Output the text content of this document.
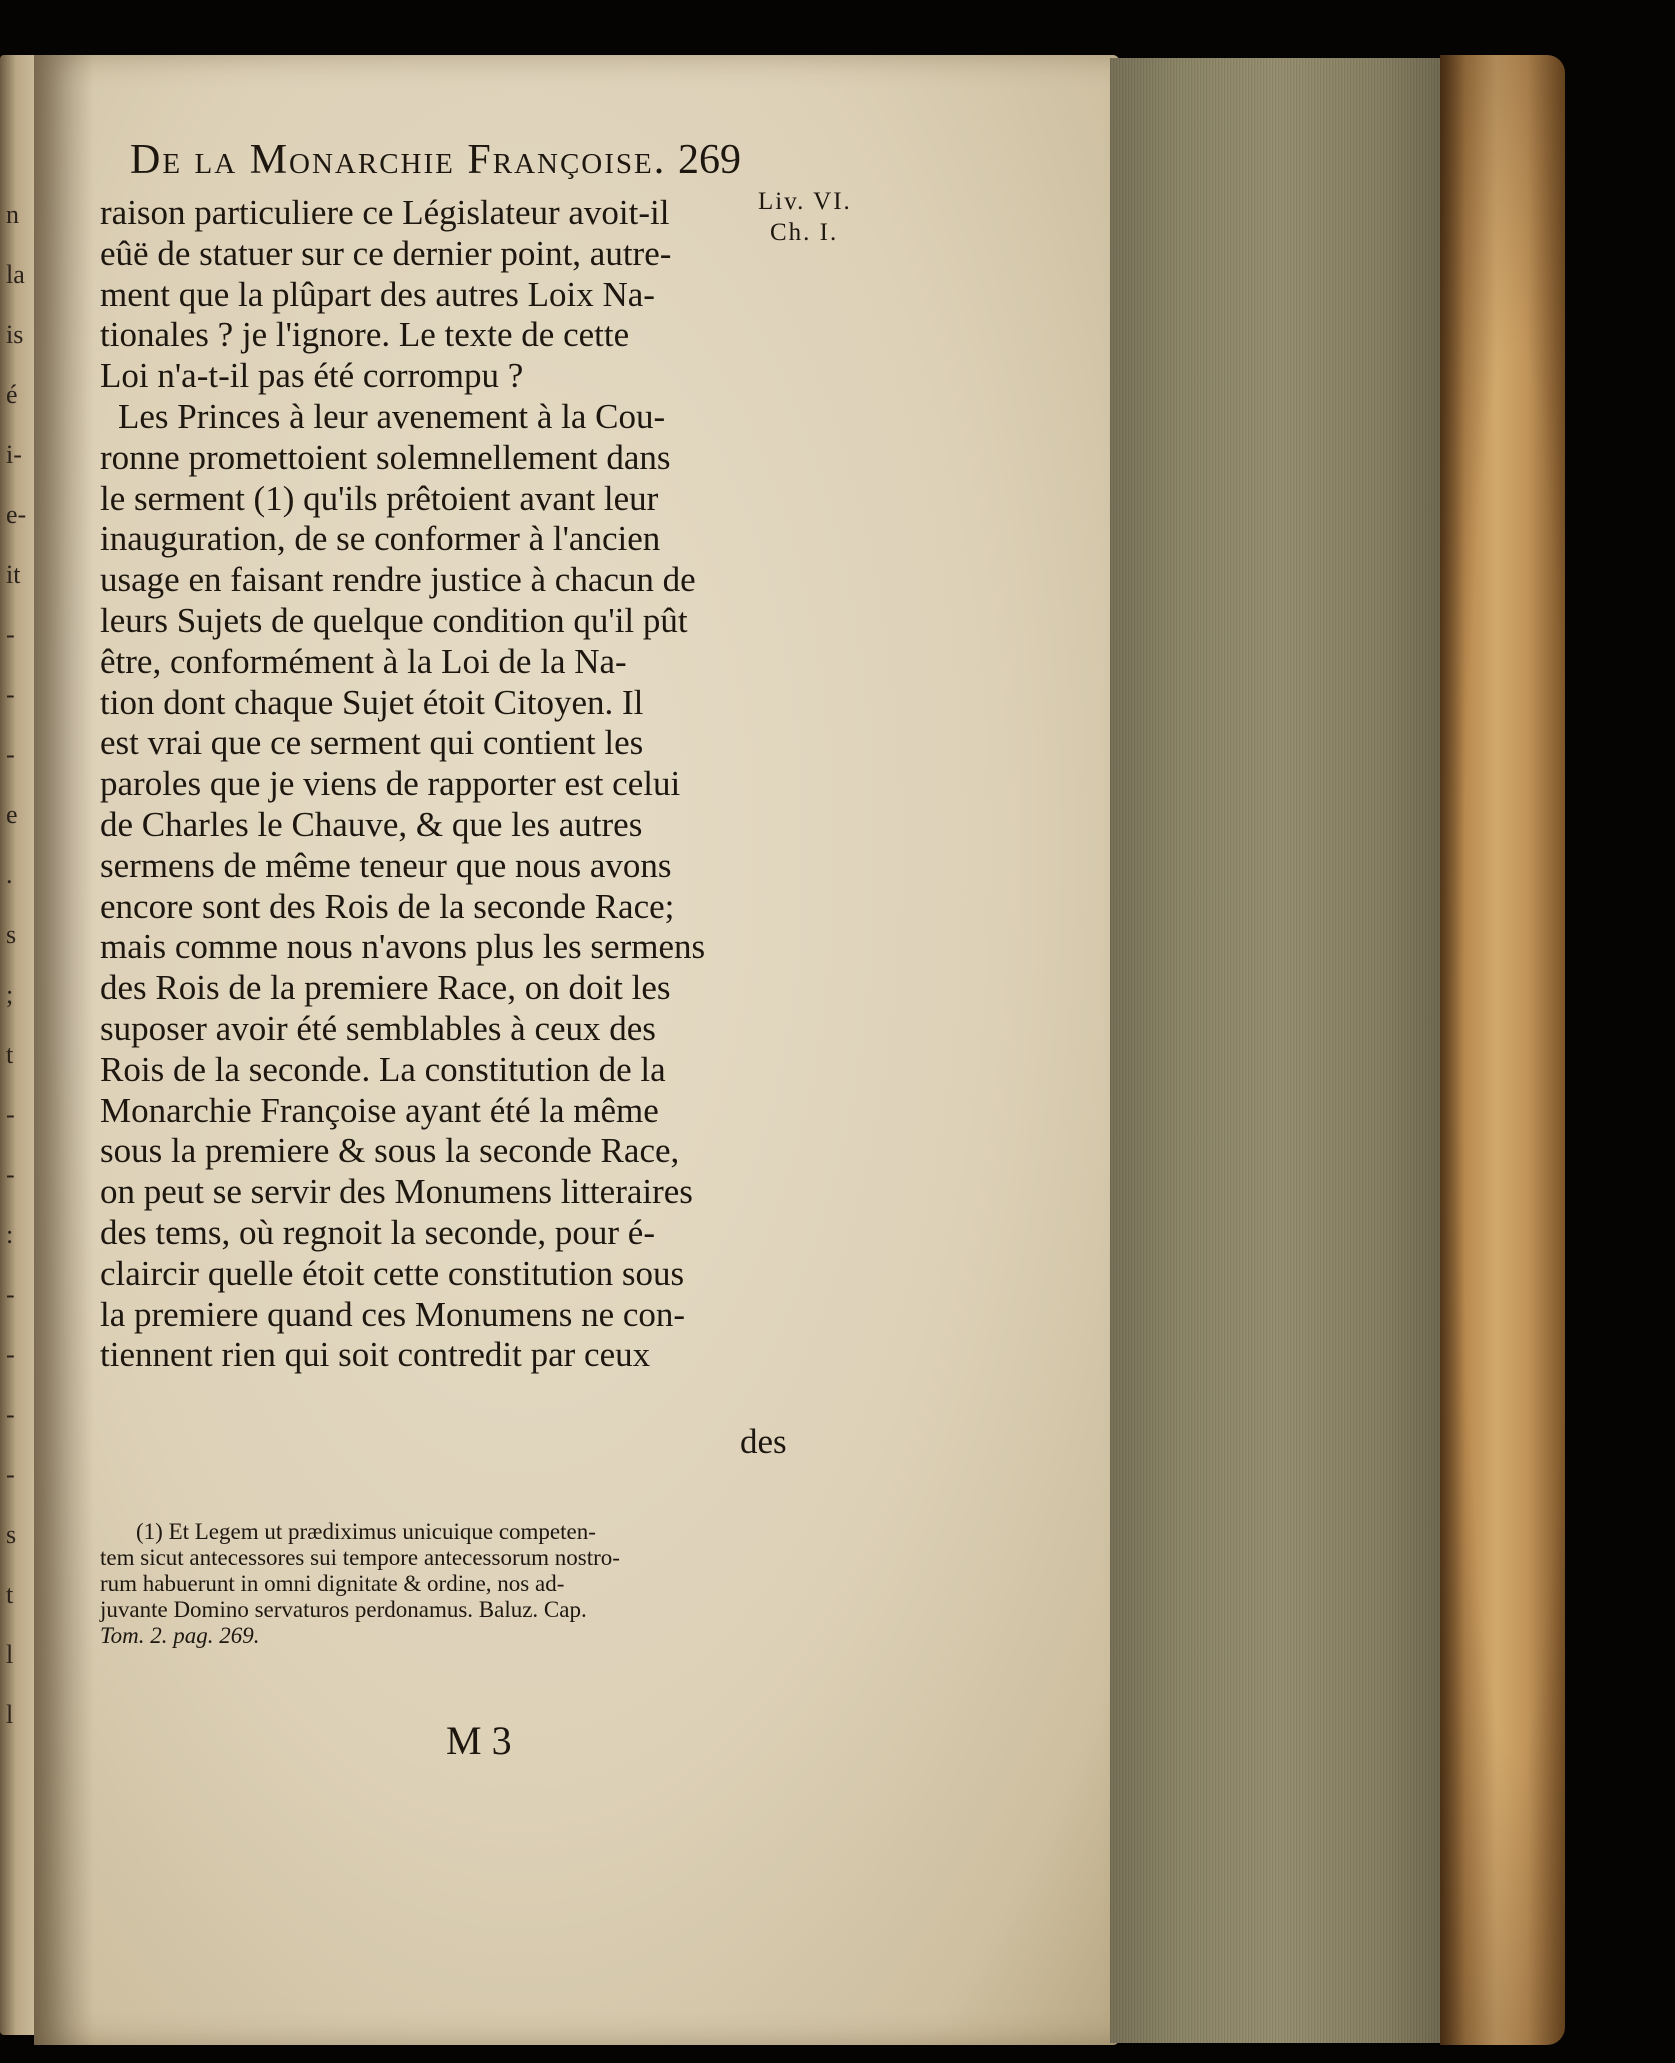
n
la
is
é
i-
e-
it
-
-
-
e
.
s
;
t
-
-
:
-
-
-
-
s
t
l
l
De la Monarchie Françoise. 269
Liv. VI.
Ch. I.
raison particuliere ce Législateur avoit-il
eûë de statuer sur ce dernier point, autre-
ment que la plûpart des autres Loix Na-
tionales ? je l'ignore. Le texte de cette
Loi n'a-t-il pas été corrompu ?
Les Princes à leur avenement à la Cou-
ronne promettoient solemnellement dans
le serment (1) qu'ils prêtoient avant leur
inauguration, de se conformer à l'ancien
usage en faisant rendre justice à chacun de
leurs Sujets de quelque condition qu'il pût
être, conformément à la Loi de la Na-
tion dont chaque Sujet étoit Citoyen. Il
est vrai que ce serment qui contient les
paroles que je viens de rapporter est celui
de Charles le Chauve, & que les autres
sermens de même teneur que nous avons
encore sont des Rois de la seconde Race;
mais comme nous n'avons plus les sermens
des Rois de la premiere Race, on doit les
suposer avoir été semblables à ceux des
Rois de la seconde. La constitution de la
Monarchie Françoise ayant été la même
sous la premiere & sous la seconde Race,
on peut se servir des Monumens litteraires
des tems, où regnoit la seconde, pour é-
claircir quelle étoit cette constitution sous
la premiere quand ces Monumens ne con-
tiennent rien qui soit contredit par ceux
des
(1) Et Legem ut prædiximus unicuique competen-
tem sicut antecessores sui tempore antecessorum nostro-
rum habuerunt in omni dignitate & ordine, nos ad-
juvante Domino servaturos perdonamus. Baluz. Cap.
Tom. 2. pag. 269.
M 3
